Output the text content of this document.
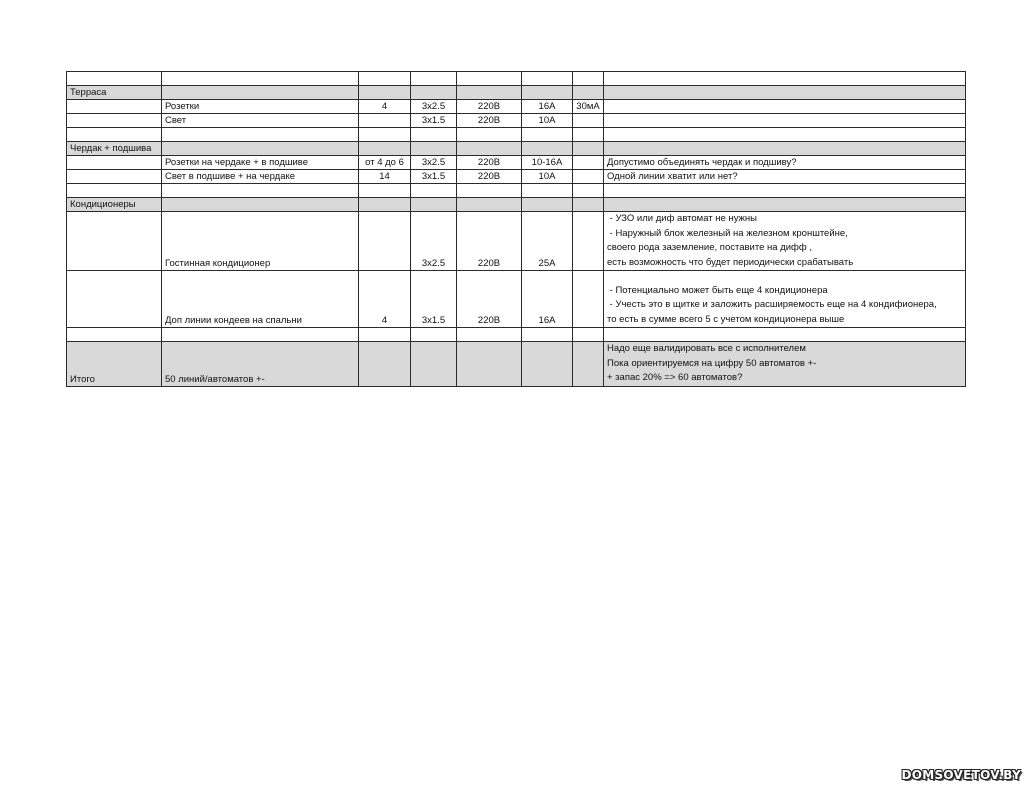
Терраса							
	Розетки	4	3x2.5	220В	16А	30мА	
	Свет		3x1.5	220В	10А		

Чердак + подшива							
	Розетки на чердаке + в подшиве	от 4 до 6	3x2.5	220В	10-16А		Допустимо объединять чердак и подшиву?
	Свет в подшиве + на чердаке	14	3x1.5	220В	10А		Одной линии хватит или нет?

Кондиционеры							
	Гостинная кондиционер		3x2.5	220В	25А		- УЗО или диф автомат не нужны
- Наружный блок железный на железном кронштейне,
своего рода заземление, поставите на дифф ,
есть возможность что будет периодически срабатывать

	Доп линии кондеев на спальни	4	3x1.5	220В	16А		- Потенциально может быть еще 4 кондиционера
- Учесть это в щитке и заложить расширяемость еще на 4 кондифионера,
то есть в сумме всего 5 с учетом кондиционера выше

Итого	50 линий/автоматов +-						Надо еще валидировать все с исполнителем
Пока ориентируемся на цифру 50 автоматов +-
+ запас 20% => 60 автоматов?
DOMSOVETOV.BY
